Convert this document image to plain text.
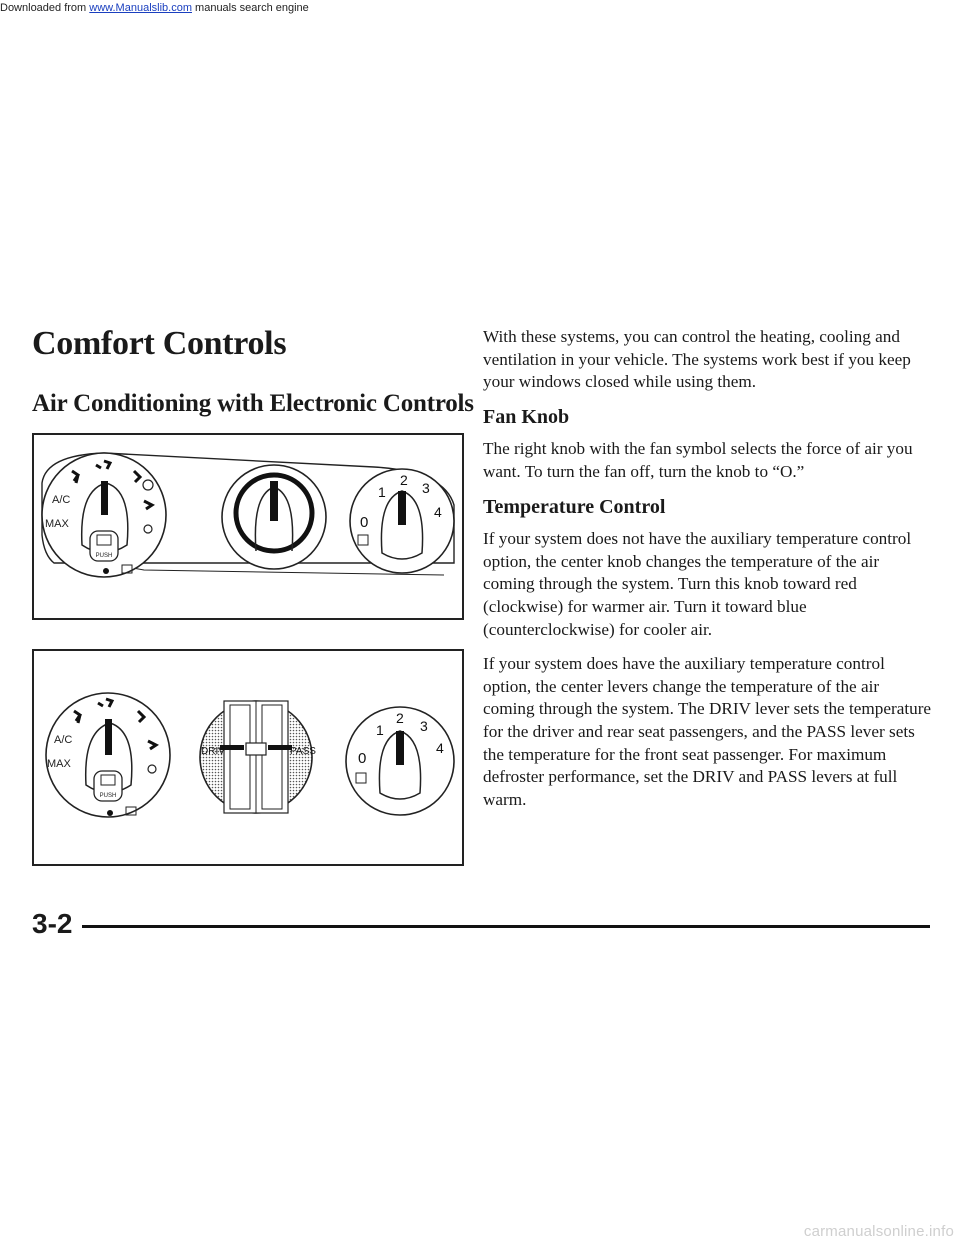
Downloaded from www.Manualslib.com manuals search engine
Comfort Controls
Air Conditioning with Electronic Controls
PUSH
A/C
MAX	0
1
2 3
4
PUSH
A/C
MAX
DRIV	PASS	0
1
2 3
4

With these systems, you can control the heating, cooling and ventilation in your vehicle. The systems work best if you keep your windows closed while using them.

Fan Knob

The right knob with the fan symbol selects the force of air you want. To turn the fan off, turn the knob to “O.”

Temperature Control

If your system does not have the auxiliary temperature control option, the center knob changes the temperature of the air coming through the system. Turn this knob toward red (clockwise) for warmer air. Turn it toward blue (counterclockwise) for cooler air.

If your system does have the auxiliary temperature control option, the center levers change the temperature of the air coming through the system. The DRIV lever sets the temperature for the driver and rear seat passengers, and the PASS lever sets the temperature for the front seat passenger. For maximum defroster performance, set the DRIV and PASS levers at full warm.

3-2
carmanualsonline.info
